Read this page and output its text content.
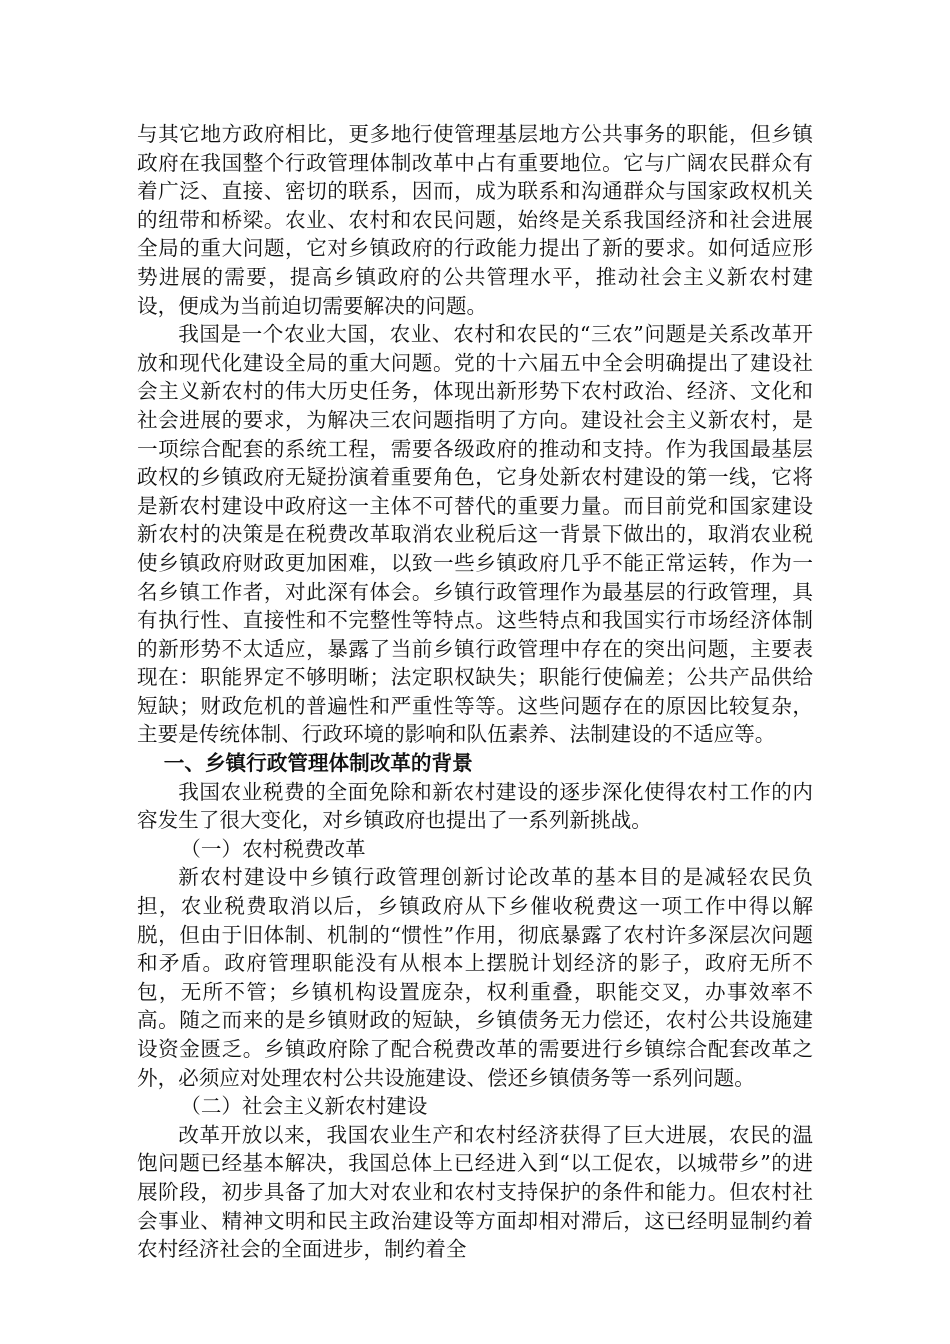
与其它地方政府相比，更多地行使管理基层地方公共事务的职能，但乡镇政府在我国整个行政管理体制改革中占有重要地位。它与广阔农民群众有着广泛、直接、密切的联系，因而，成为联系和沟通群众与国家政权机关的纽带和桥梁。农业、农村和农民问题，始终是关系我国经济和社会进展全局的重大问题，它对乡镇政府的行政能力提出了新的要求。如何适应形势进展的需要，提高乡镇政府的公共管理水平，推动社会主义新农村建设，便成为当前迫切需要解决的问题。

我国是一个农业大国，农业、农村和农民的“三农”问题是关系改革开放和现代化建设全局的重大问题。党的十六届五中全会明确提出了建设社会主义新农村的伟大历史任务，体现出新形势下农村政治、经济、文化和社会进展的要求，为解决三农问题指明了方向。建设社会主义新农村，是一项综合配套的系统工程，需要各级政府的推动和支持。作为我国最基层政权的乡镇政府无疑扮演着重要角色，它身处新农村建设的第一线，它将是新农村建设中政府这一主体不可替代的重要力量。而目前党和国家建设新农村的决策是在税费改革取消农业税后这一背景下做出的，取消农业税使乡镇政府财政更加困难，以致一些乡镇政府几乎不能正常运转，作为一名乡镇工作者，对此深有体会。乡镇行政管理作为最基层的行政管理，具有执行性、直接性和不完整性等特点。这些特点和我国实行市场经济体制的新形势不太适应，暴露了当前乡镇行政管理中存在的突出问题，主要表现在：职能界定不够明晰；法定职权缺失；职能行使偏差；公共产品供给短缺；财政危机的普遍性和严重性等等。这些问题存在的原因比较复杂，主要是传统体制、行政环境的影响和队伍素养、法制建设的不适应等。

一、乡镇行政管理体制改革的背景

我国农业税费的全面免除和新农村建设的逐步深化使得农村工作的内容发生了很大变化，对乡镇政府也提出了一系列新挑战。

（一）农村税费改革

新农村建设中乡镇行政管理创新讨论改革的基本目的是减轻农民负担，农业税费取消以后，乡镇政府从下乡催收税费这一项工作中得以解脱，但由于旧体制、机制的“惯性”作用，彻底暴露了农村许多深层次问题和矛盾。政府管理职能没有从根本上摆脱计划经济的影子，政府无所不包，无所不管；乡镇机构设置庞杂，权利重叠，职能交叉，办事效率不高。随之而来的是乡镇财政的短缺，乡镇债务无力偿还，农村公共设施建设资金匮乏。乡镇政府除了配合税费改革的需要进行乡镇综合配套改革之外，必须应对处理农村公共设施建设、偿还乡镇债务等一系列问题。

（二）社会主义新农村建设

改革开放以来，我国农业生产和农村经济获得了巨大进展，农民的温饱问题已经基本解决，我国总体上已经进入到“以工促农，以城带乡”的进展阶段，初步具备了加大对农业和农村支持保护的条件和能力。但农村社会事业、精神文明和民主政治建设等方面却相对滞后，这已经明显制约着农村经济社会的全面进步，制约着全
